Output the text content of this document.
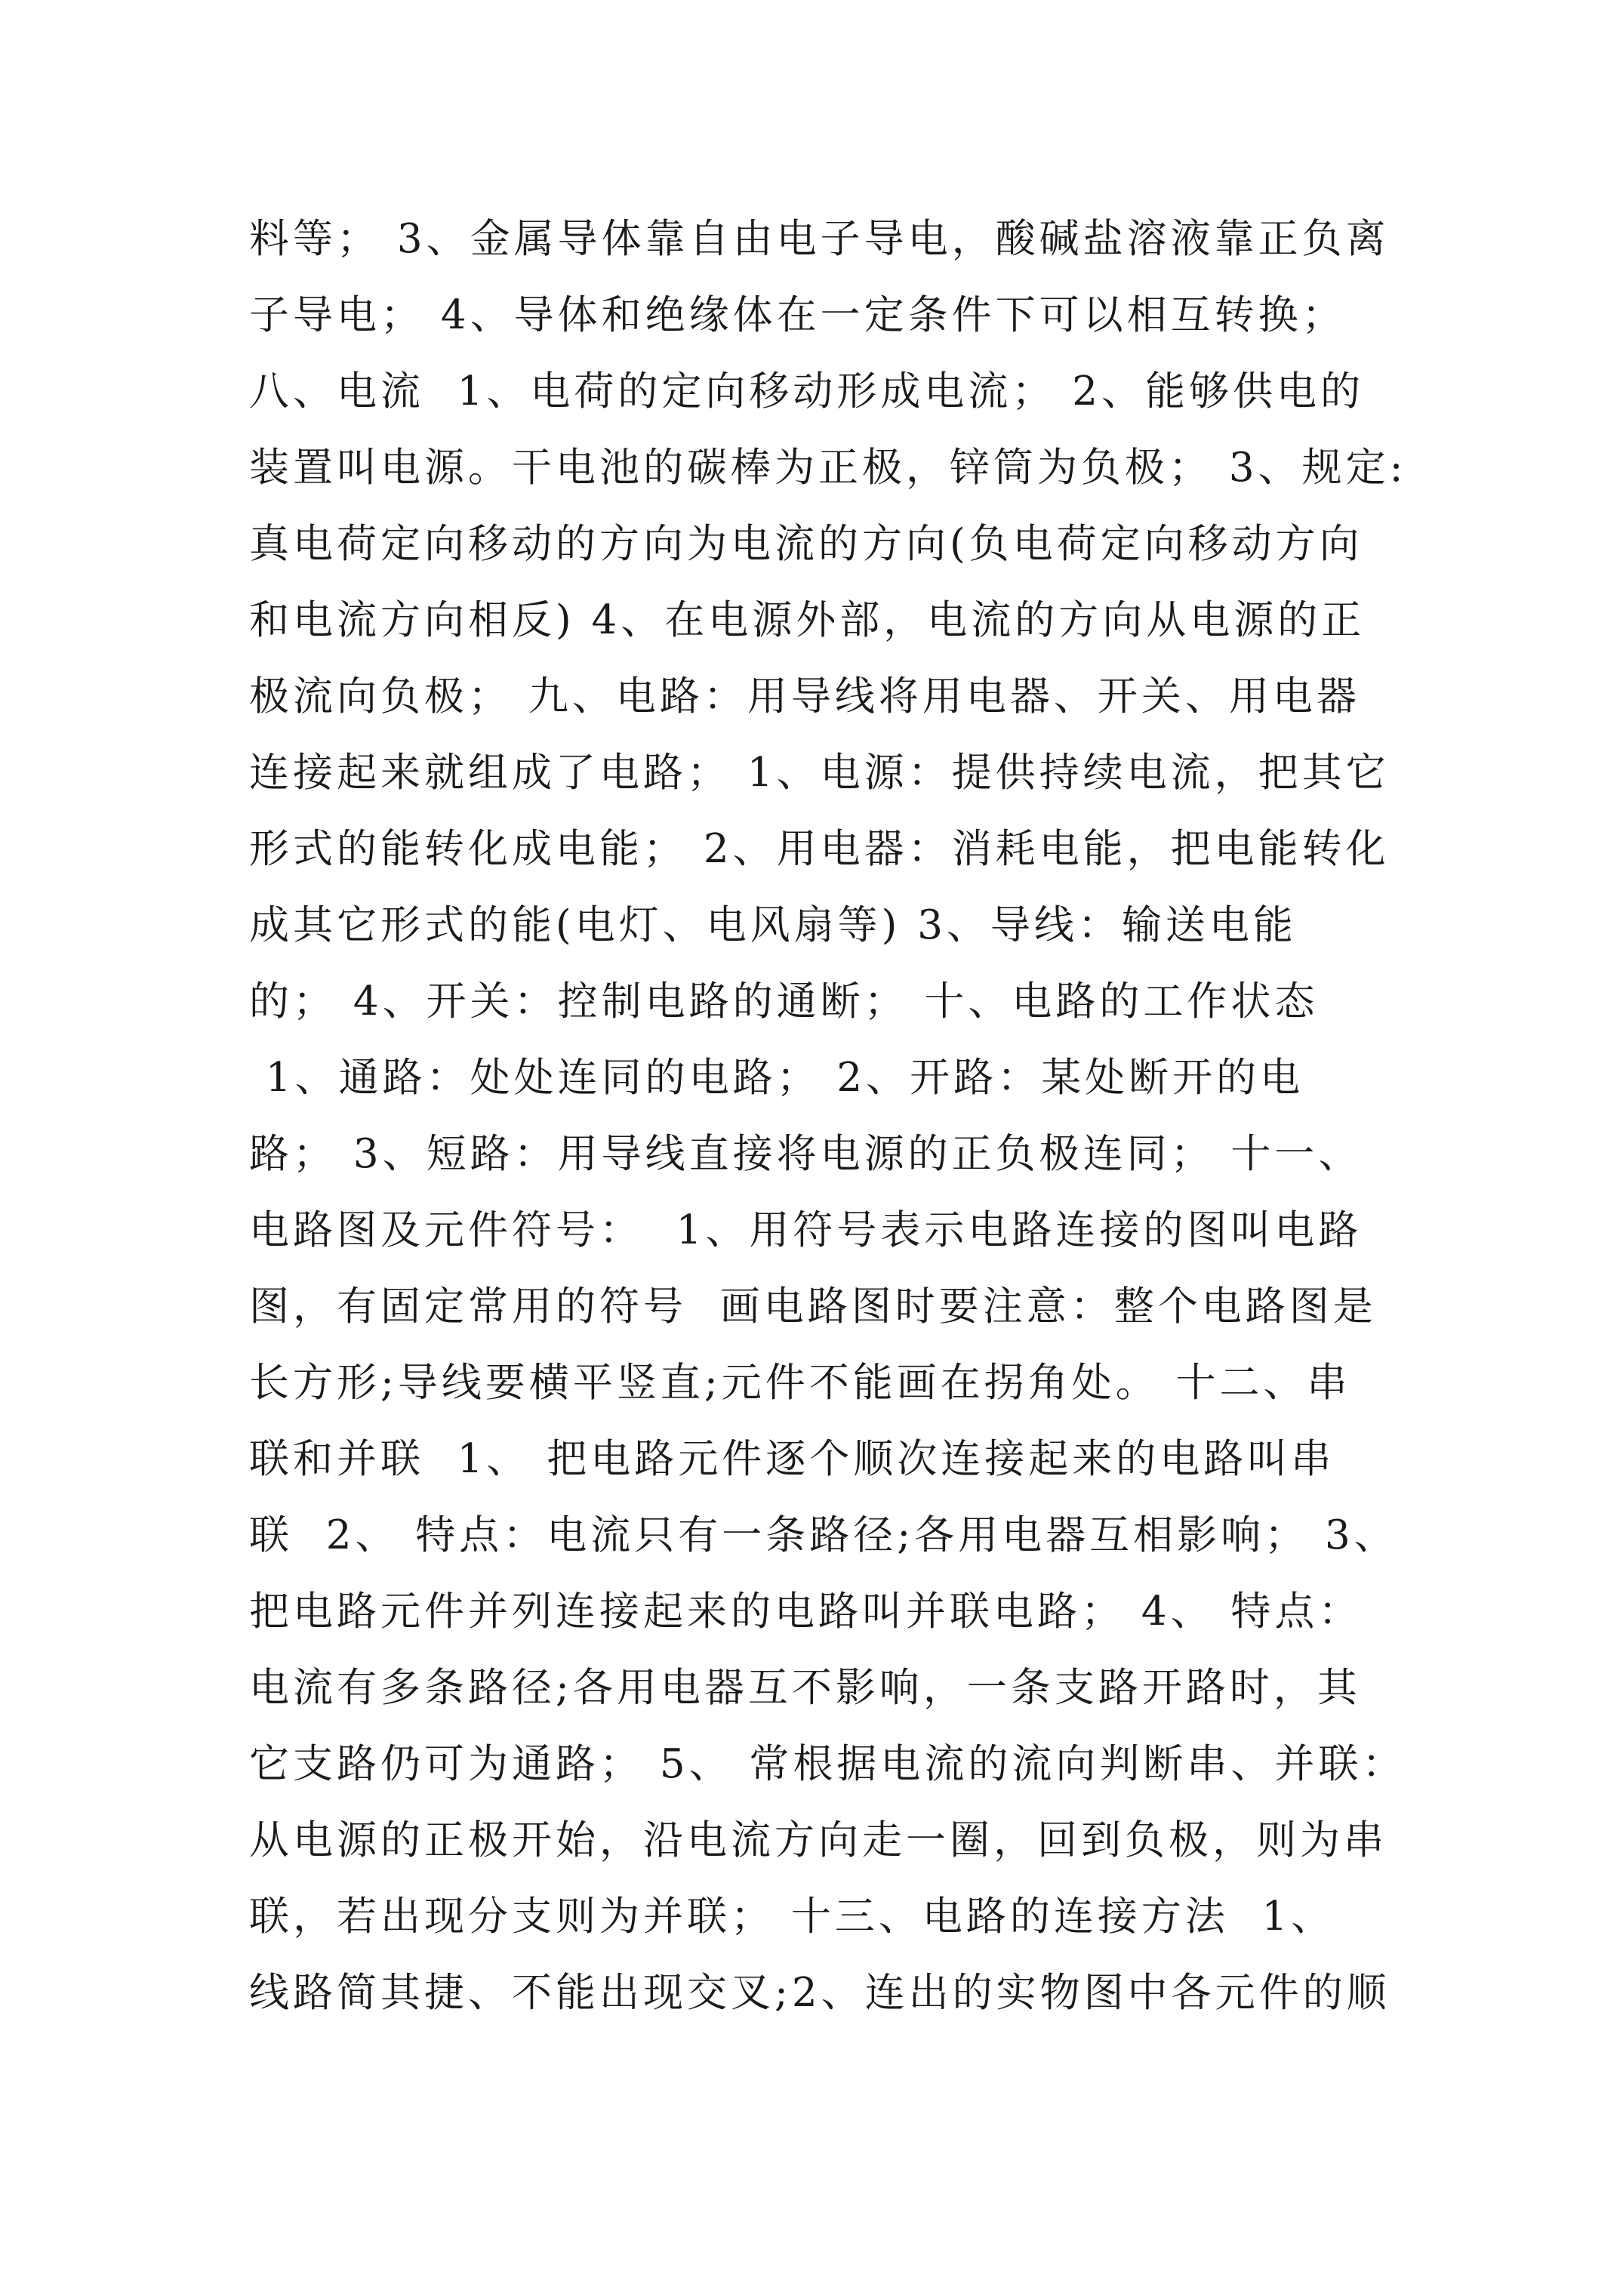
料等； 3、金属导体靠自由电子导电，酸碱盐溶液靠正负离
子导电； 4、导体和绝缘体在一定条件下可以相互转换；
八、电流  1、电荷的定向移动形成电流； 2、能够供电的
装置叫电源。干电池的碳棒为正极，锌筒为负极； 3、规定:
真电荷定向移动的方向为电流的方向(负电荷定向移动方向
和电流方向相反) 4、在电源外部，电流的方向从电源的正
极流向负极； 九、电路：用导线将用电器、开关、用电器
连接起来就组成了电路； 1、电源：提供持续电流，把其它
形式的能转化成电能； 2、用电器：消耗电能，把电能转化
成其它形式的能(电灯、电风扇等) 3、导线：输送电能
的； 4、开关：控制电路的通断； 十、电路的工作状态
1、通路：处处连同的电路； 2、开路：某处断开的电
路； 3、短路：用导线直接将电源的正负极连同； 十一、
电路图及元件符号：  1、用符号表示电路连接的图叫电路
图，有固定常用的符号  画电路图时要注意：整个电路图是
长方形;导线要横平竖直;元件不能画在拐角处。 十二、串
联和并联  1、 把电路元件逐个顺次连接起来的电路叫串
联  2、 特点：电流只有一条路径;各用电器互相影响； 3、
把电路元件并列连接起来的电路叫并联电路； 4、 特点：
电流有多条路径;各用电器互不影响，一条支路开路时，其
它支路仍可为通路； 5、 常根据电流的流向判断串、并联：
从电源的正极开始，沿电流方向走一圈，回到负极，则为串
联，若出现分支则为并联； 十三、电路的连接方法  1、
线路简其捷、不能出现交叉;2、连出的实物图中各元件的顺
